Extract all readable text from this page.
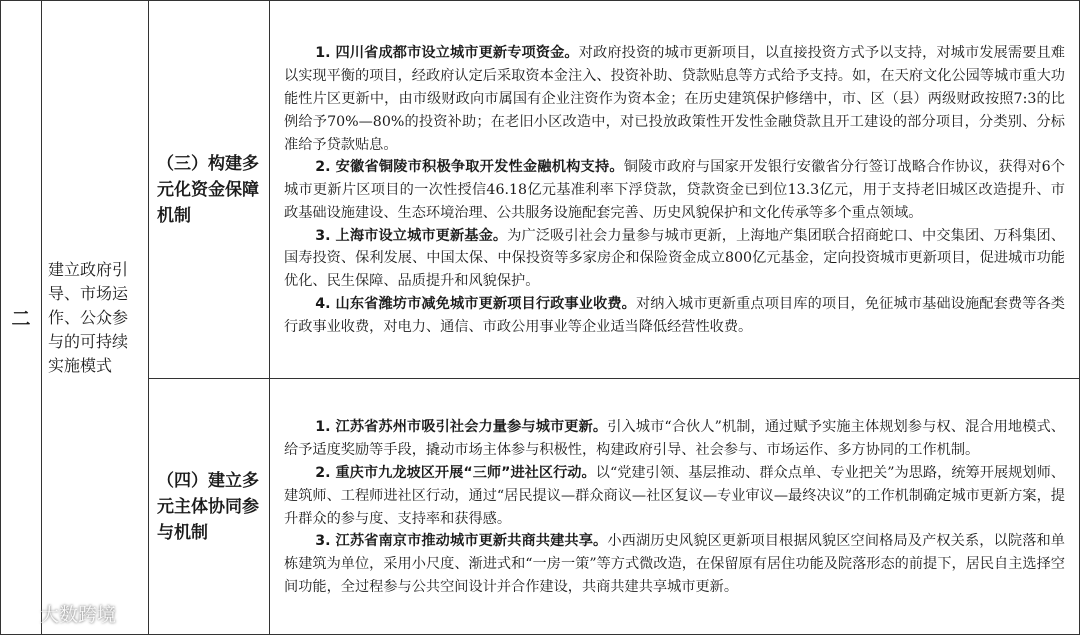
二	建立政府引导、市场运作、公众参与的可持续实施模式	（三）构建多元化资金保障机制	1. 四川省成都市设立城市更新专项资金。对政府投资的城市更新项目，以直接投资方式予以支持，对城市发展需要且难以实现平衡的项目，经政府认定后采取资本金注入、投资补助、贷款贴息等方式给予支持。如，在天府文化公园等城市重大功能性片区更新中，由市级财政向市属国有企业注资作为资本金；在历史建筑保护修缮中，市、区（县）两级财政按照7:3的比例给予70%—80%的投资补助；在老旧小区改造中，对已投放政策性开发性金融贷款且开工建设的部分项目，分类别、分标准给予贷款贴息。

2. 安徽省铜陵市积极争取开发性金融机构支持。铜陵市政府与国家开发银行安徽省分行签订战略合作协议，获得对6个城市更新片区项目的一次性授信46.18亿元基准利率下浮贷款，贷款资金已到位13.3亿元，用于支持老旧城区改造提升、市政基础设施建设、生态环境治理、公共服务设施配套完善、历史风貌保护和文化传承等多个重点领域。

3. 上海市设立城市更新基金。为广泛吸引社会力量参与城市更新，上海地产集团联合招商蛇口、中交集团、万科集团、国寿投资、保利发展、中国太保、中保投资等多家房企和保险资金成立800亿元基金，定向投资城市更新项目，促进城市功能优化、民生保障、品质提升和风貌保护。

4. 山东省潍坊市减免城市更新项目行政事业收费。对纳入城市更新重点项目库的项目，免征城市基础设施配套费等各类行政事业收费，对电力、通信、市政公用事业等企业适当降低经营性收费。

		（四）建立多元主体协同参与机制	1. 江苏省苏州市吸引社会力量参与城市更新。引入城市“合伙人”机制，通过赋予实施主体规划参与权、混合用地模式、给予适度奖励等手段，撬动市场主体参与积极性，构建政府引导、社会参与、市场运作、多方协同的工作机制。

2. 重庆市九龙坡区开展“三师”进社区行动。以“党建引领、基层推动、群众点单、专业把关”为思路，统筹开展规划师、建筑师、工程师进社区行动，通过“居民提议—群众商议—社区复议—专业审议—最终决议”的工作机制确定城市更新方案，提升群众的参与度、支持率和获得感。

3. 江苏省南京市推动城市更新共商共建共享。小西湖历史风貌区更新项目根据风貌区空间格局及产权关系，以院落和单栋建筑为单位，采用小尺度、渐进式和“一房一策”等方式微改造，在保留原有居住功能及院落形态的前提下，居民自主选择空间功能，全过程参与公共空间设计并合作建设，共商共建共享城市更新。

大数跨境
